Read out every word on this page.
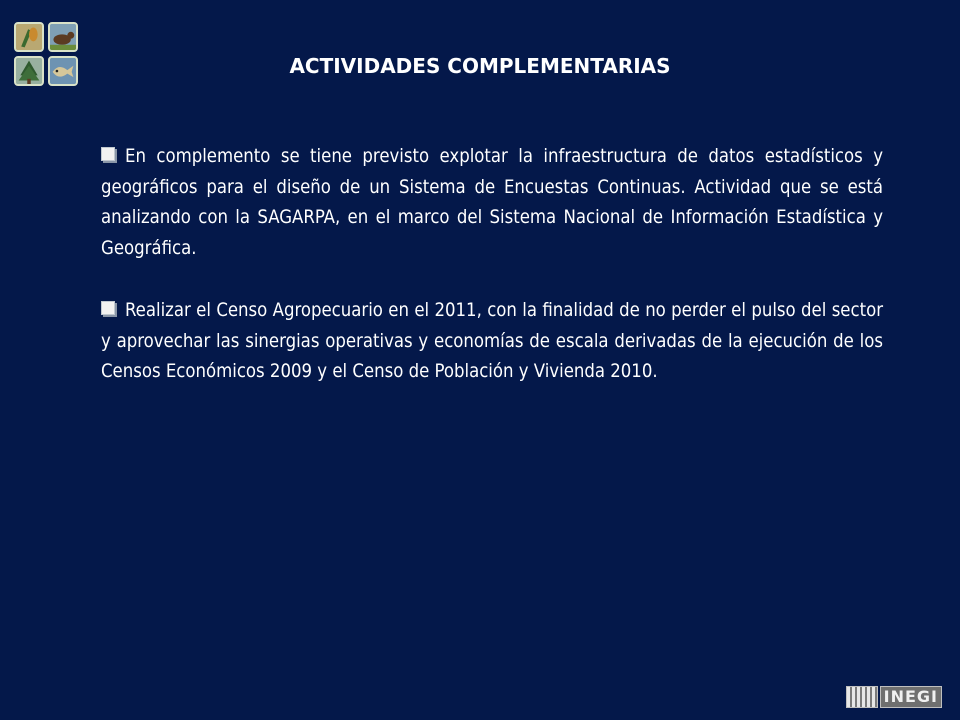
ACTIVIDADES COMPLEMENTARIAS

En complemento se tiene previsto explotar la infraestructura de datos estadísticos y geográficos para el diseño de un Sistema de Encuestas Continuas. Actividad que se está analizando con la SAGARPA, en el marco del Sistema Nacional de Información Estadística y Geográfica.

Realizar el Censo Agropecuario en el 2011, con la finalidad de no perder el pulso del sector y aprovechar las sinergias operativas y economías de escala derivadas de la ejecución de los Censos Económicos 2009 y el Censo de Población y Vivienda 2010.

INEGI
